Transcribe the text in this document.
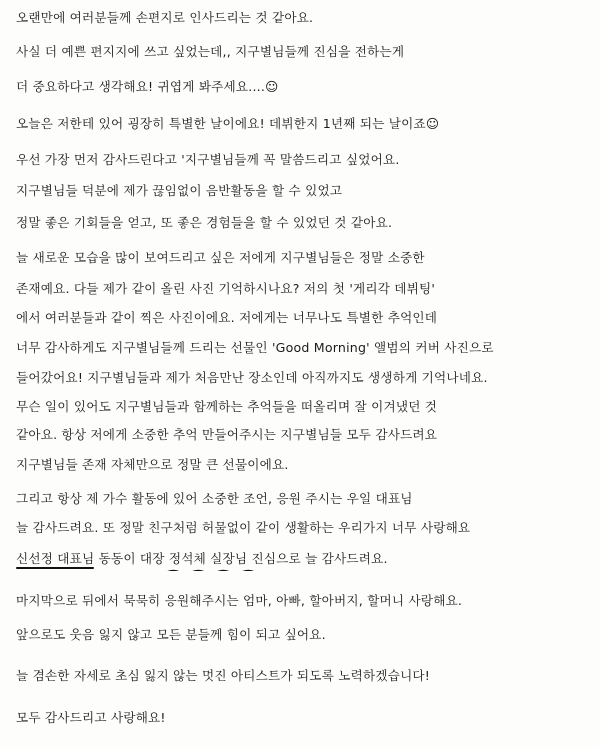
오랜만에 여러분들께 손편지로 인사드리는 것 같아요.
사실 더 예쁜 편지지에 쓰고 싶었는데,, 지구별님들께 진심을 전하는게
더 중요하다고 생각해요! 귀엽게 봐주세요....☺
오늘은 저한테 있어 굉장히 특별한 날이에요! 데뷔한지 1년째 되는 날이죠☺
우선 가장 먼저 감사드린다고 '지구별님들께 꼭 말씀드리고 싶었어요.
지구별님들 덕분에 제가 끊임없이 음반활동을 할 수 있었고
정말 좋은 기회들을 얻고, 또 좋은 경험들을 할 수 있었던 것 같아요.
늘 새로운 모습을 많이 보여드리고 싶은 저에게 지구별님들은 정말 소중한
존재예요. 다들 제가 같이 올린 사진 기억하시나요? 저의 첫 '게리각 데뷔팅'
에서 여러분들과 같이 찍은 사진이에요. 저에게는 너무나도 특별한 추억인데
너무 감사하게도 지구별님들께 드리는 선물인 'Good Morning' 앨범의 커버 사진으로
들어갔어요! 지구별님들과 제가 처음만난 장소인데 아직까지도 생생하게 기억나네요.
무슨 일이 있어도 지구별님들과 함께하는 추억들을 떠올리며 잘 이겨냈던 것
같아요. 항상 저에게 소중한 추억 만들어주시는 지구별님들 모두 감사드려요
지구별님들 존재 자체만으로 정말 큰 선물이에요.
그리고 항상 제 가수 활동에 있어 소중한 조언, 응원 주시는 우일 대표님
늘 감사드려요. 또 정말 친구처럼 허물없이 같이 생활하는 우리가지 너무 사랑해요
신선정 대표님
동동이 대장 정석체 실장님
진심으로 늘 감사드려요.
마지막으로 뒤에서 묵묵히 응원해주시는 엄마, 아빠, 할아버지, 할머니 사랑해요.
앞으로도 웃음 잃지 않고 모든 분들께 힘이 되고 싶어요.
늘 겸손한 자세로 초심 잃지 않는 멋진 아티스트가 되도록 노력하겠습니다!
모두 감사드리고 사랑해요!
